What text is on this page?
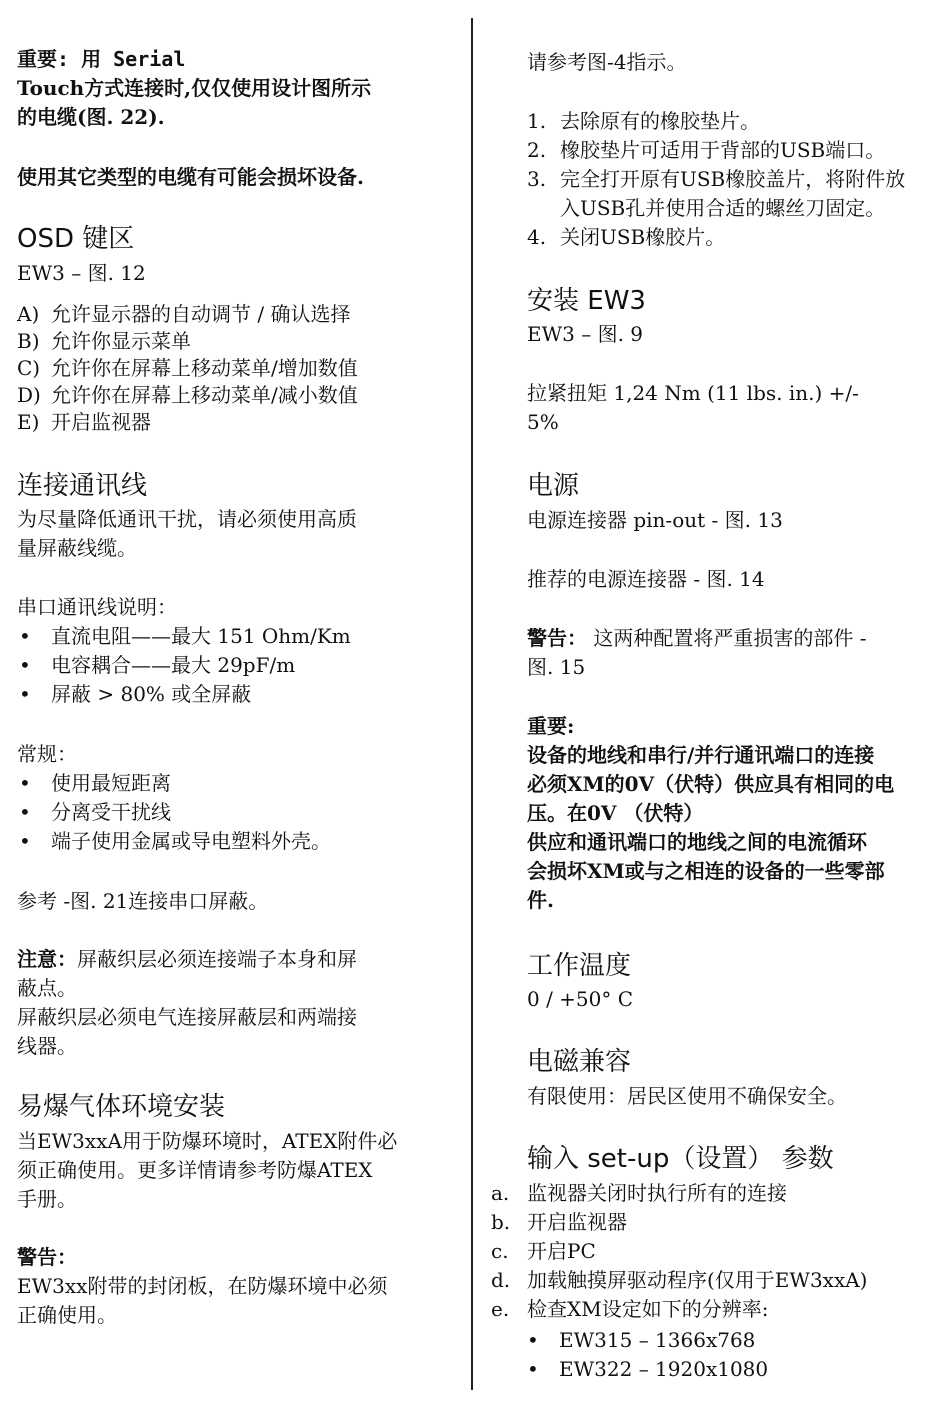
重要: 用 Serial
Touch方式连接时,仅仅使用设计图所示
的电缆(图. 22).

使用其它类型的电缆有可能会损坏设备.

OSD 键区

EW3 – 图. 12

A) 允许显示器的自动调节 / 确认选择
B) 允许你显示菜单
C) 允许你在屏幕上移动菜单/增加数值
D) 允许你在屏幕上移动菜单/减小数值
E) 开启监视器
连接通讯线
为尽量降低通讯干扰，请必须使用高质
量屏蔽线缆。

串口通讯线说明：

• 直流电阻——最大 151 Ohm/Km
• 电容耦合——最大 29pF/m
• 屏蔽 > 80% 或全屏蔽

常规：

• 使用最短距离
• 分离受干扰线
• 端子使用金属或导电塑料外壳。

参考 -图. 21连接串口屏蔽。

注意：屏蔽织层必须连接端子本身和屏
蔽点。
屏蔽织层必须电气连接屏蔽层和两端接
线器。
易爆气体环境安装
当EW3xxA用于防爆环境时，ATEX附件必
须正确使用。更多详情请参考防爆ATEX
手册。

警告：

EW3xx附带的封闭板，在防爆环境中必须
正确使用。

请参考图-4指示。

1. 去除原有的橡胶垫片。
2. 橡胶垫片可适用于背部的USB端口。
3. 完全打开原有USB橡胶盖片，将附件放
入USB孔并使用合适的螺丝刀固定。
4. 关闭USB橡胶片。
安装 EW3

EW3 – 图. 9

拉紧扭矩 1,24 Nm (11 lbs. in.) +/-
5%
电源

电源连接器 pin-out - 图. 13

推荐的电源连接器 - 图. 14

警告： 这两种配置将严重损害的部件 -
图. 15
重要:
设备的地线和串行/并行通讯端口的连接
必须XM的0V（伏特）供应具有相同的电
压。在0V （伏特）
供应和通讯端口的地线之间的电流循环
会损坏XM或与之相连的设备的一些零部
件.
工作温度

0 / +50° C

电磁兼容

有限使用：居民区使用不确保安全。

输入 set-up（设置） 参数
a. 监视器关闭时执行所有的连接
b. 开启监视器
c. 开启PC
d. 加载触摸屏驱动程序(仅用于EW3xxA)
e. 检查XM设定如下的分辨率:
• EW315 – 1366x768
• EW322 – 1920x1080
